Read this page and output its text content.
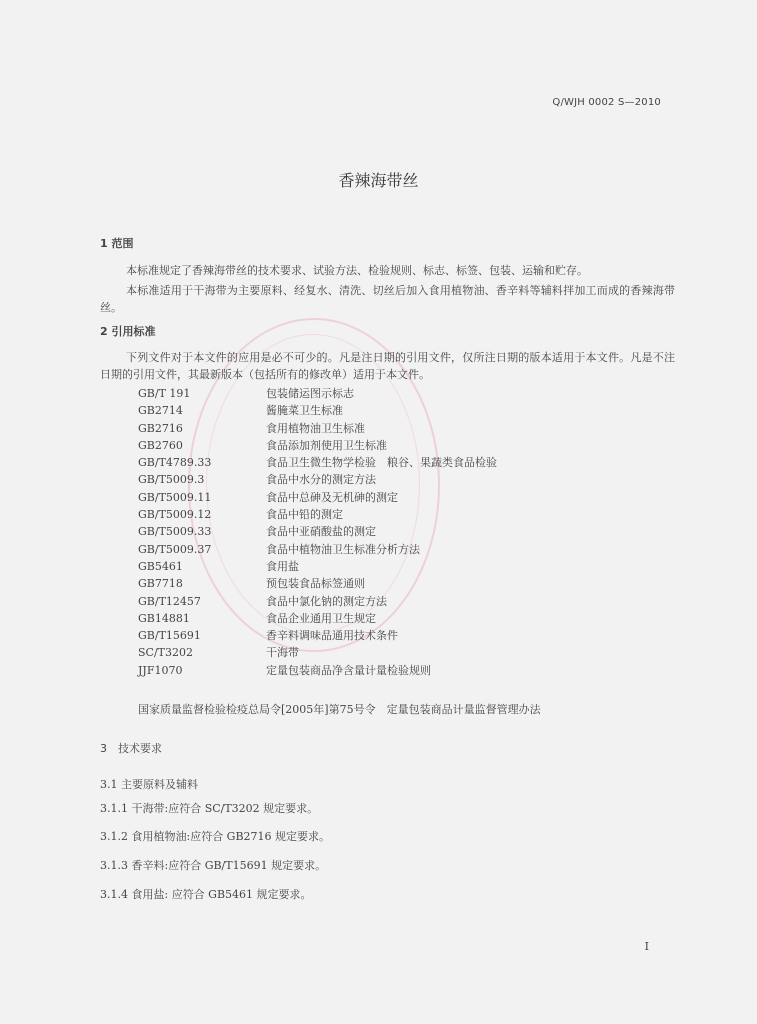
Q/WJH 0002 S—2010
香辣海带丝
1 范围
本标准规定了香辣海带丝的技术要求、试验方法、检验规则、标志、标签、包装、运输和贮存。
本标准适用于干海带为主要原料、经复水、清洗、切丝后加入食用植物油、香辛料等辅料拌加工而成的香辣海带丝。
2 引用标准
下列文件对于本文件的应用是必不可少的。凡是注日期的引用文件，仅所注日期的版本适用于本文件。凡是不注日期的引用文件，其最新版本（包括所有的修改单）适用于本文件。
GB/T 191	包装储运图示标志
GB2714	酱腌菜卫生标准
GB2716	食用植物油卫生标准
GB2760	食品添加剂使用卫生标准
GB/T4789.33	食品卫生微生物学检验　粮谷、果蔬类食品检验
GB/T5009.3	食品中水分的测定方法
GB/T5009.11	食品中总砷及无机砷的测定
GB/T5009.12	食品中铅的测定
GB/T5009.33	食品中亚硝酸盐的测定
GB/T5009.37	食品中植物油卫生标准分析方法
GB5461	食用盐
GB7718	预包装食品标签通则
GB/T12457	食品中氯化钠的测定方法
GB14881	食品企业通用卫生规定
GB/T15691	香辛料调味品通用技术条件
SC/T3202	干海带
JJF1070	定量包装商品净含量计量检验规则
国家质量监督检验检疫总局令[2005年]第75号令　定量包装商品计量监督管理办法
3　技术要求
3.1 主要原料及辅料
3.1.1 干海带:应符合 SC/T3202 规定要求。
3.1.2 食用植物油:应符合 GB2716 规定要求。
3.1.3 香辛料:应符合 GB/T15691 规定要求。
3.1.4 食用盐: 应符合 GB5461 规定要求。
I
